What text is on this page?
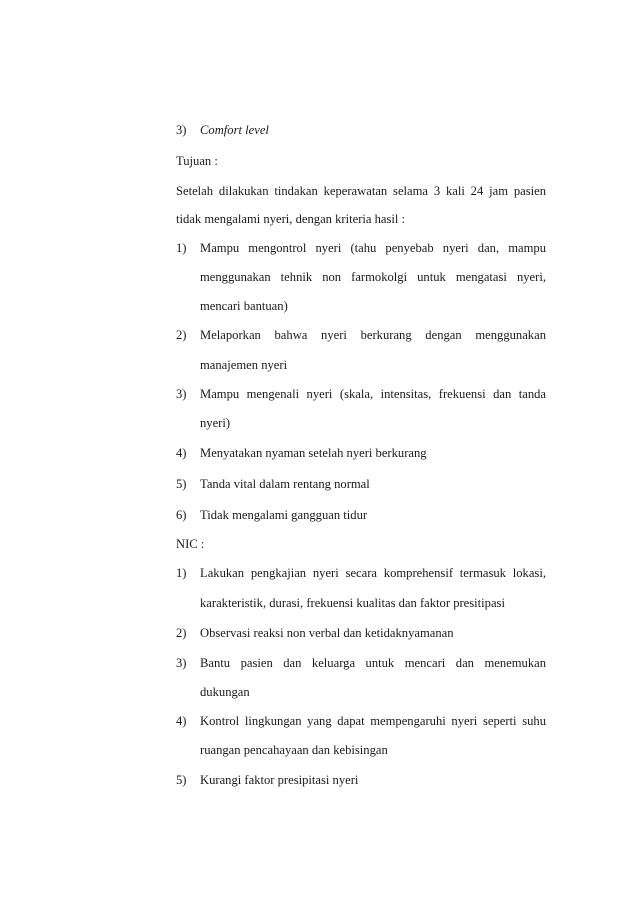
3)	Comfort level
Tujuan :
Setelah dilakukan tindakan keperawatan selama 3 kali 24 jam pasien
tidak mengalami nyeri, dengan kriteria hasil :
1)	Mampu mengontrol nyeri (tahu penyebab nyeri dan, mampu
menggunakan tehnik non farmokolgi untuk mengatasi nyeri,
mencari bantuan)
2)	Melaporkan bahwa nyeri berkurang dengan menggunakan
manajemen nyeri
3)	Mampu mengenali nyeri (skala, intensitas, frekuensi dan tanda
nyeri)
4)	Menyatakan nyaman setelah nyeri berkurang
5)	Tanda vital dalam rentang normal
6)	Tidak mengalami gangguan tidur
NIC :
1)	Lakukan pengkajian nyeri secara komprehensif termasuk lokasi,
karakteristik, durasi, frekuensi kualitas dan faktor presitipasi
2)	Observasi reaksi non verbal dan ketidaknyamanan
3)	Bantu pasien dan keluarga untuk mencari dan menemukan
dukungan
4)	Kontrol lingkungan yang dapat mempengaruhi nyeri seperti suhu
ruangan pencahayaan dan kebisingan
5)	Kurangi faktor presipitasi nyeri
